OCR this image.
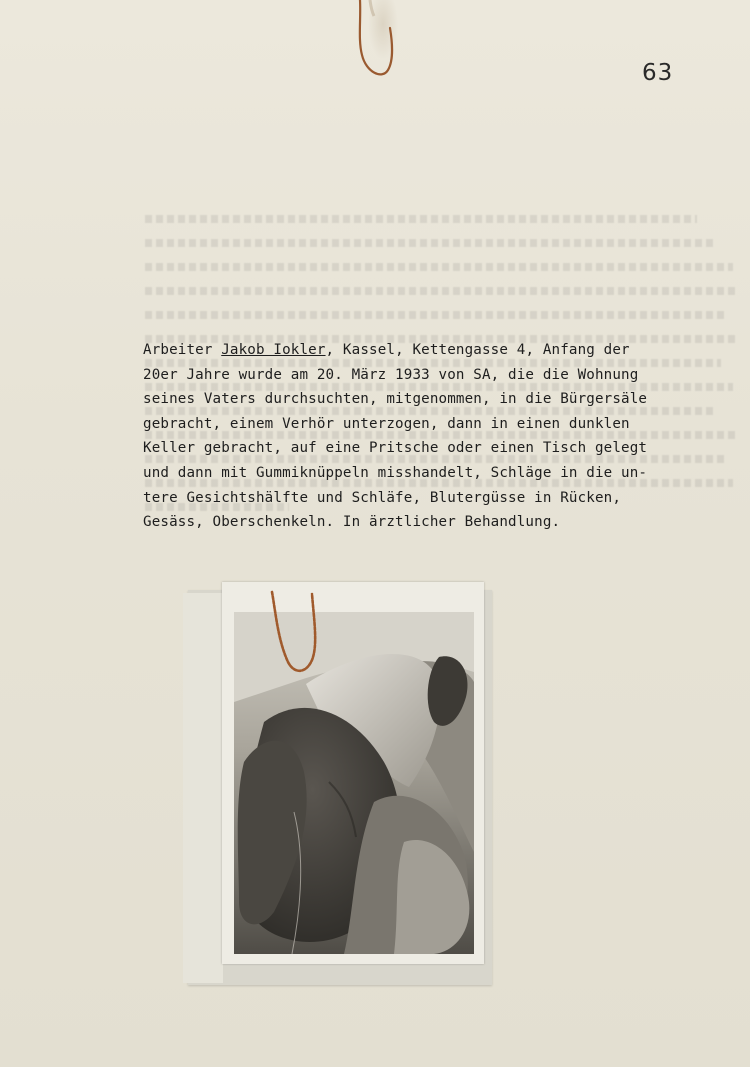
63
Arbeiter Jakob Iokler, Kassel, Kettengasse 4, Anfang der
20er Jahre wurde am 20. März 1933 von SA, die die Wohnung
seines Vaters durchsuchten, mitgenommen, in die Bürgersäle
gebracht, einem Verhör unterzogen, dann in einen dunklen
Keller gebracht, auf eine Pritsche oder einen Tisch gelegt
und dann mit Gummiknüppeln misshandelt, Schläge in die un-
tere Gesichtshälfte und Schläfe, Blutergüsse in Rücken,
Gesäss, Oberschenkeln. In ärztlicher Behandlung.
